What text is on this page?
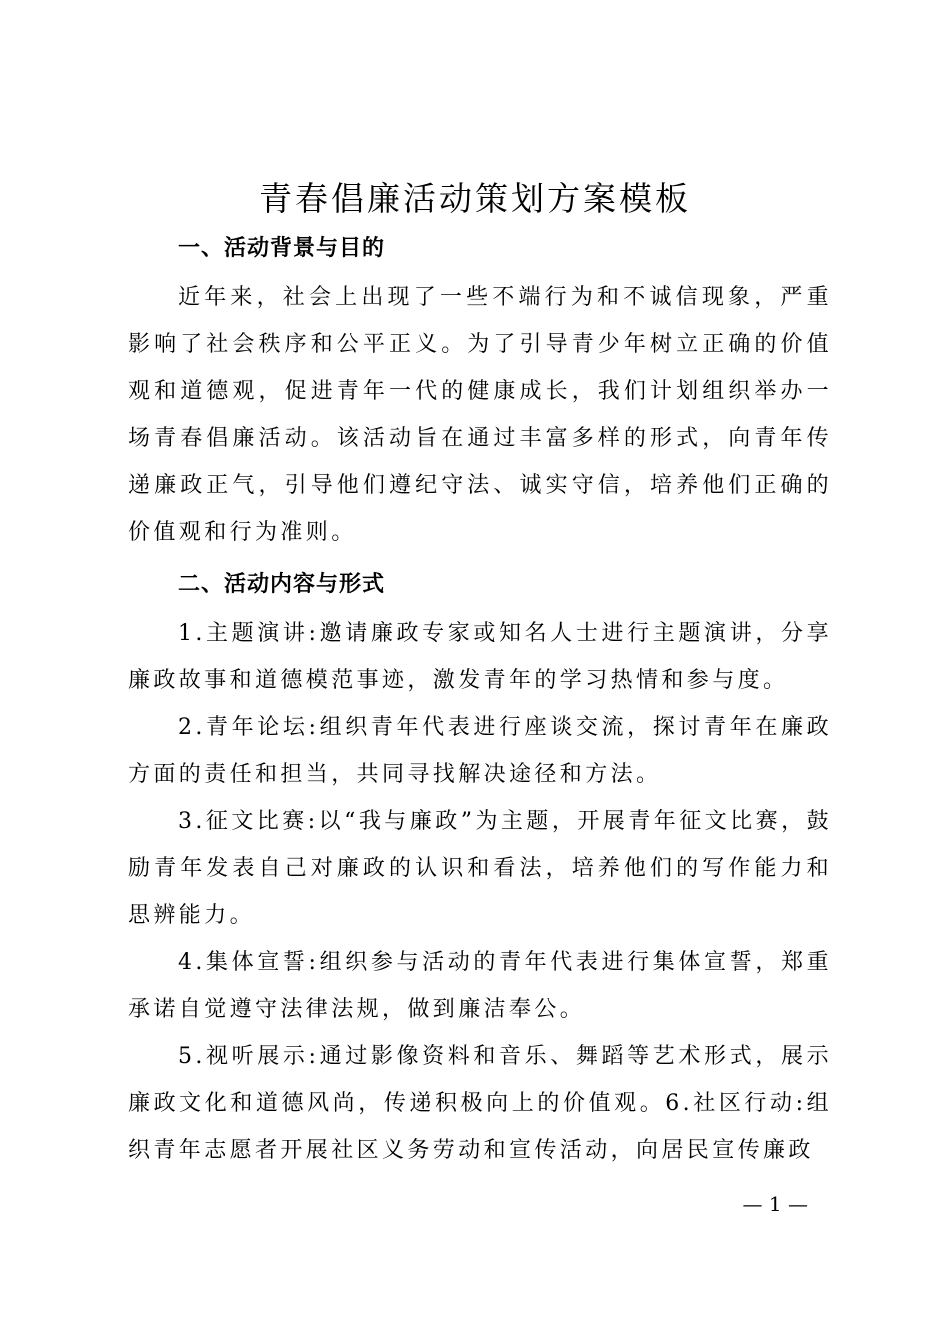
青春倡廉活动策划方案模板

一、活动背景与目的

近年来，社会上出现了一些不端行为和不诚信现象，严重影响了社会秩序和公平正义。为了引导青少年树立正确的价值观和道德观，促进青年一代的健康成长，我们计划组织举办一场青春倡廉活动。该活动旨在通过丰富多样的形式，向青年传递廉政正气，引导他们遵纪守法、诚实守信，培养他们正确的价值观和行为准则。

二、活动内容与形式

1.主题演讲:邀请廉政专家或知名人士进行主题演讲，分享廉政故事和道德模范事迹，激发青年的学习热情和参与度。

2.青年论坛:组织青年代表进行座谈交流，探讨青年在廉政方面的责任和担当，共同寻找解决途径和方法。

3.征文比赛:以“我与廉政”为主题，开展青年征文比赛，鼓励青年发表自己对廉政的认识和看法，培养他们的写作能力和思辨能力。

4.集体宣誓:组织参与活动的青年代表进行集体宣誓，郑重承诺自觉遵守法律法规，做到廉洁奉公。

5.视听展示:通过影像资料和音乐、舞蹈等艺术形式，展示廉政文化和道德风尚，传递积极向上的价值观。6.社区行动:组织青年志愿者开展社区义务劳动和宣传活动，向居民宣传廉政

— 1 —
